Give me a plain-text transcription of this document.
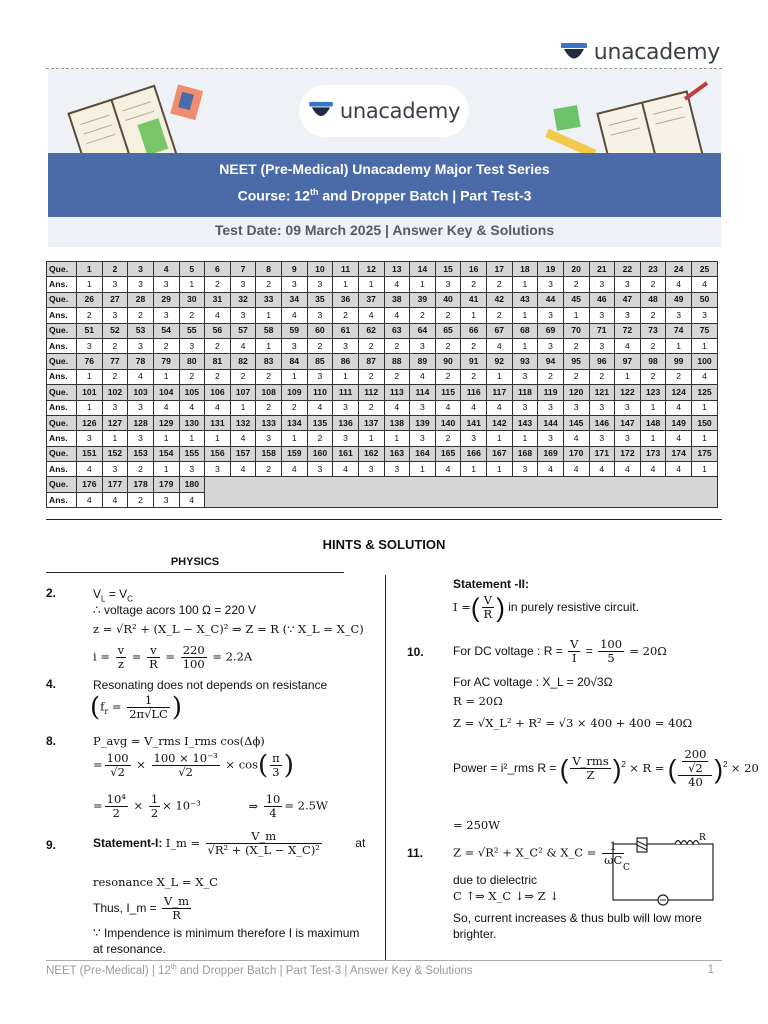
unacademy
unacademy
NEET (Pre-Medical) Unacademy Major Test Series
Course: 12th and Dropper Batch | Part Test-3
Test Date: 09 March 2025 | Answer Key & Solutions
Que.	1	2	3	4	5	6	7	8	9	10	11	12	13	14	15	16	17	18	19	20	21	22	23	24	25
Ans.	1	3	3	3	1	2	3	2	3	3	1	1	4	1	3	2	2	1	3	2	3	3	2	4	4
Que.	26	27	28	29	30	31	32	33	34	35	36	37	38	39	40	41	42	43	44	45	46	47	48	49	50
Ans.	2	3	2	3	2	4	3	1	4	3	2	4	4	2	2	1	2	1	3	1	3	3	2	3	3
Que.	51	52	53	54	55	56	57	58	59	60	61	62	63	64	65	66	67	68	69	70	71	72	73	74	75
Ans.	3	2	3	2	3	2	4	1	3	2	3	2	2	3	2	2	4	1	3	2	3	4	2	1	1
Que.	76	77	78	79	80	81	82	83	84	85	86	87	88	89	90	91	92	93	94	95	96	97	98	99	100
Ans.	1	2	4	1	2	2	2	2	1	3	1	2	2	4	2	2	1	3	2	2	2	1	2	2	4
Que.	101	102	103	104	105	106	107	108	109	110	111	112	113	114	115	116	117	118	119	120	121	122	123	124	125
Ans.	1	3	3	4	4	4	1	2	2	4	3	2	4	3	4	4	4	3	3	3	3	3	1	4	1
Que.	126	127	128	129	130	131	132	133	134	135	136	137	138	139	140	141	142	143	144	145	146	147	148	149	150
Ans.	3	1	3	1	1	1	4	3	1	2	3	1	1	3	2	3	1	1	3	4	3	3	1	4	1
Que.	151	152	153	154	155	156	157	158	159	160	161	162	163	164	165	166	167	168	169	170	171	172	173	174	175
Ans.	4	3	2	1	3	3	4	2	4	3	4	3	3	1	4	1	1	3	4	4	4	4	4	4	1
Que.	176	177	178	179	180																				
Ans.	4	4	2	3	4																				
HINTS & SOLUTION
PHYSICS
2.	$V_L = V_C$
∴ voltage acors 100 Ω = 220 V
z = √R² + (X_L − X_C)² ⇒ Z = R (∵ X_L = X_C)
$i = \frac{v}{z} = \frac{v}{R} = \frac{220}{100} = 2.2A$
4.	Resonating does not depends on resistance
($f_r = \frac{1}{2\pi√LC}$ )
8.	P_avg = V_rms I_rms cos(Δϕ)
= $\frac{100}{√2} \times \frac{\text{100 × 10⁻³}}{√2} \times \cos( \frac{\pi}{3}$ )
= $\frac{\text{10⁴}}{2} \times \frac{1}{2} \times 10^{-3}$	⇒ $\frac{10}{4} = 2.5W$
9.	Statement-I: I_m = $\frac{V\_m}{\text{√R² + (X\_L − X\_C)²}}$	at
resonance X_L = X_C
Thus, I_m = $\frac{V\_m}{R}$
∵ Impendence is minimum therefore I is maximum at resonance.
Statement -II:
I =( $\frac{V}{R}$ ) in purely resistive circuit.
10. For DC voltage : $R = \frac{V}{I} = \frac{100}{5} = 20\Omega$
For AC voltage : X_L = 20√3Ω
R = 20Ω
Z = √X_L² + R² = √3 × 400 + 400 = 40Ω
Power = i²_rms R = ( $\frac{\text{V\_rms}}{Z} )^2 \times R$ = ( $\frac{\frac{200}{√2}}{40} )^2 \times 20$
= 250W
11.	Z = √R² + X_C² & X_C = $\frac{1}{\omega C}$
due to dielectric
C ↑⇒ X_C ↓⇒ Z ↓
So, current increases & thus bulb will low more brighter.
C
R
NEET (Pre-Medical) | 12th and Dropper Batch | Part Test-3 | Answer Key & Solutions	1
